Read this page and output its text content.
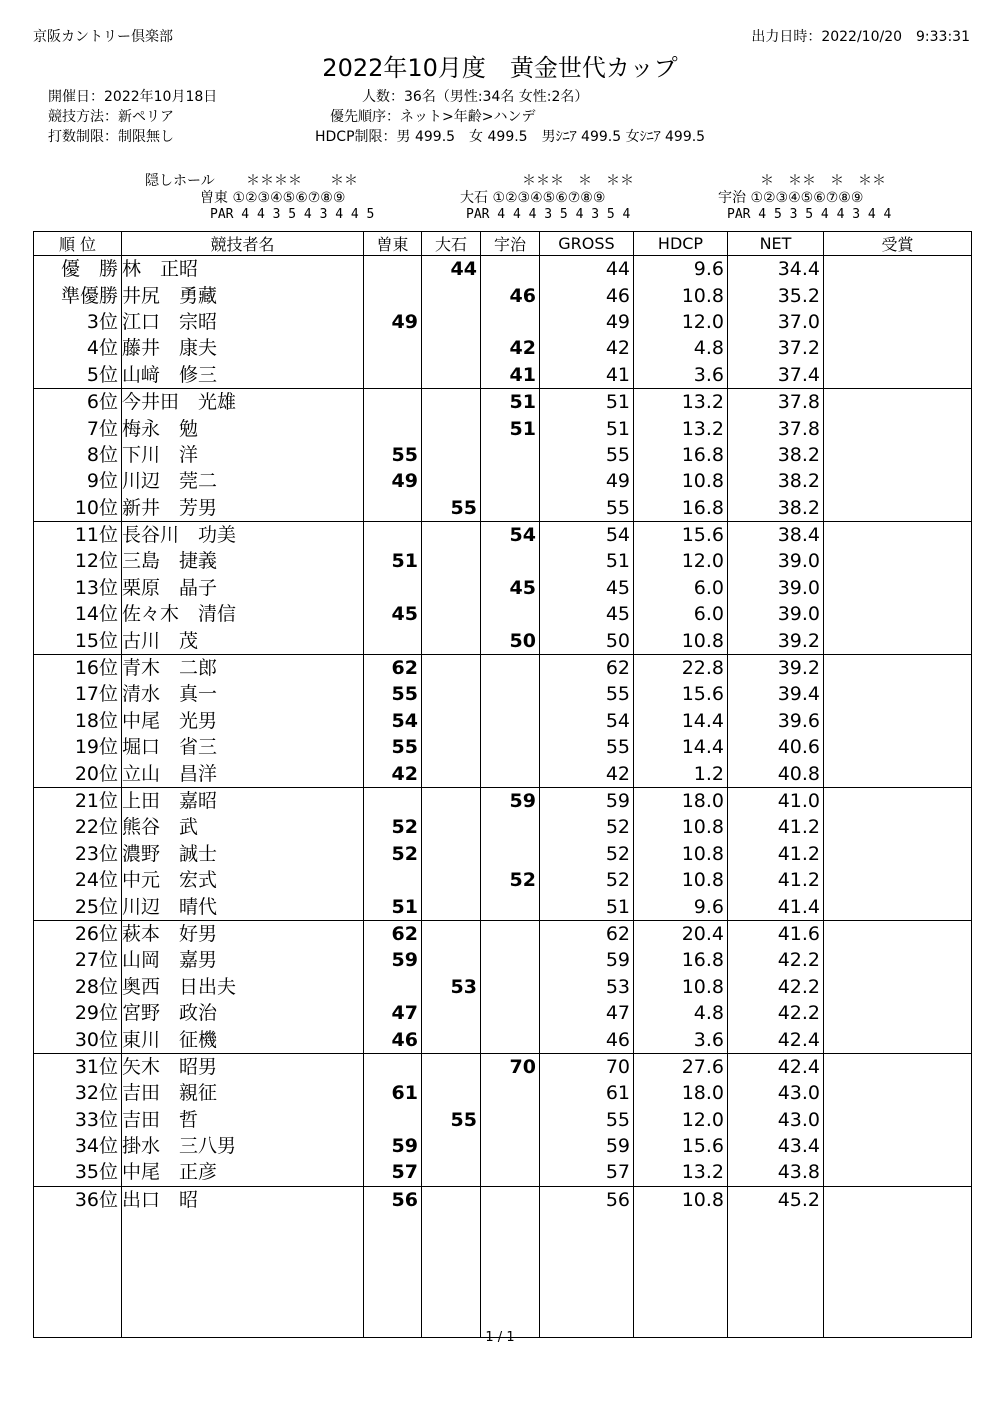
京阪カントリー倶楽部	出力日時：2022/10/20　9:33:31
2022年10月度　黄金世代カップ
開催日：2022年10月18日
競技方法：新ペリア
打数制限：制限無し
人数：36名（男性:34名 女性:2名）
優先順序：ネット>年齢>ハンデ
HDCP制限：男 499.5　女 499.5　男ｼﾆｱ 499.5 女ｼﾆｱ 499.5
隠しホール ＊＊＊＊　　＊＊	＊＊＊　＊　＊＊	＊　＊＊　＊　＊＊
曽東 ①②③④⑤⑥⑦⑧⑨	大石 ①②③④⑤⑥⑦⑧⑨	宇治 ①②③④⑤⑥⑦⑧⑨
PAR 4 4 3 5 4 3 4 4 5	PAR 4 4 4 3 5 4 3 5 4	PAR 4 5 3 5 4 4 3 4 4
順 位	競技者名	曽東	大石	宇治	GROSS	HDCP	NET	受賞
優　勝	林　正昭		44		44	9.6	34.4	
準優勝	井尻　勇藏			46	46	10.8	35.2	
3位	江口　宗昭	49			49	12.0	37.0	
4位	藤井　康夫			42	42	4.8	37.2	
5位	山﨑　修三			41	41	3.6	37.4	
6位	今井田　光雄			51	51	13.2	37.8	
7位	梅永　勉			51	51	13.2	37.8	
8位	下川　洋	55			55	16.8	38.2	
9位	川辺　莞二	49			49	10.8	38.2	
10位	新井　芳男		55		55	16.8	38.2	
11位	長谷川　功美			54	54	15.6	38.4	
12位	三島　捷義	51			51	12.0	39.0	
13位	栗原　晶子			45	45	6.0	39.0	
14位	佐々木　清信	45			45	6.0	39.0	
15位	古川　茂			50	50	10.8	39.2	
16位	青木　二郎	62			62	22.8	39.2	
17位	清水　真一	55			55	15.6	39.4	
18位	中尾　光男	54			54	14.4	39.6	
19位	堀口　省三	55			55	14.4	40.6	
20位	立山　昌洋	42			42	1.2	40.8	
21位	上田　嘉昭			59	59	18.0	41.0	
22位	熊谷　武	52			52	10.8	41.2	
23位	濃野　誠士	52			52	10.8	41.2	
24位	中元　宏式			52	52	10.8	41.2	
25位	川辺　晴代	51			51	9.6	41.4	
26位	萩本　好男	62			62	20.4	41.6	
27位	山岡　嘉男	59			59	16.8	42.2	
28位	奥西　日出夫		53		53	10.8	42.2	
29位	宮野　政治	47			47	4.8	42.2	
30位	東川　征機	46			46	3.6	42.4	
31位	矢木　昭男			70	70	27.6	42.4	
32位	吉田　親征	61			61	18.0	43.0	
33位	吉田　哲		55		55	12.0	43.0	
34位	掛水　三八男	59			59	15.6	43.4	
35位	中尾　正彦	57			57	13.2	43.8	
36位	出口　昭	56			56	10.8	45.2	

1 / 1
